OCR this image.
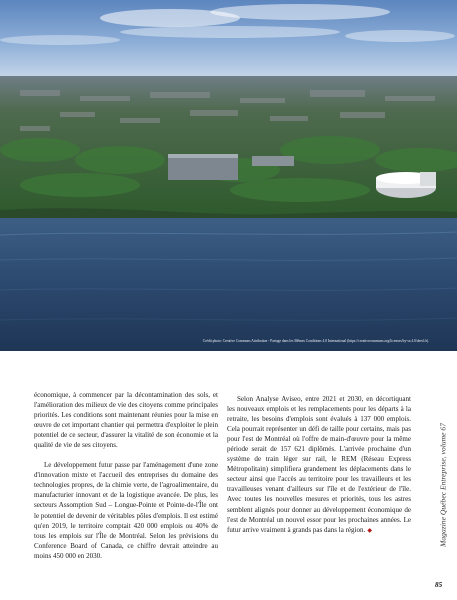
Crédit photo: Creative Commons Attribution - Partage dans les Mêmes Conditions 4.0 International (https://creativecommons.org/licenses/by-sa 4.0/deed.fr).

économique, à commencer par la décontamination des sols, et l'amélioration des milieux de vie des citoyens comme principales priorités. Les conditions sont maintenant réunies pour la mise en œuvre de cet important chantier qui permettra d'exploiter le plein potentiel de ce secteur, d'assurer la vitalité de son économie et la qualité de vie de ses citoyens.

Le développement futur passe par l'aménagement d'une zone d'innovation mixte et l'accueil des entreprises du domaine des technologies propres, de la chimie verte, de l'agroalimentaire, du manufacturier innovant et de la logistique avancée. De plus, les secteurs Assomption Sud – Longue-Pointe et Pointe-de-l'Île ont le potentiel de devenir de véritables pôles d'emplois. Il est estimé qu'en 2019, le territoire comptait 420 000 emplois ou 40% de tous les emplois sur l'Île de Montréal. Selon les prévisions du Conference Board of Canada, ce chiffre devrait atteindre au moins 450 000 en 2030.

Selon Analyse Aviseo, entre 2021 et 2030, en décortiquant les nouveaux emplois et les remplacements pour les départs à la retraite, les besoins d'emplois sont évalués à 137 000 emplois. Cela pourrait représenter un défi de taille pour certains, mais pas pour l'est de Montréal où l'offre de main-d'œuvre pour la même période serait de 157 621 diplômés. L'arrivée prochaine d'un système de train léger sur rail, le REM (Réseau Express Métropolitain) simplifiera grandement les déplacements dans le secteur ainsi que l'accès au territoire pour les travailleurs et les travailleuses venant d'ailleurs sur l'île et de l'extérieur de l'île. Avec toutes les nouvelles mesures et priorités, tous les astres semblent alignés pour donner au développement économique de l'est de Montréal un nouvel essor pour les prochaines années. Le futur arrive vraiment à grands pas dans la région. ◆	Magazine Québec Entreprise, volume 67
85
